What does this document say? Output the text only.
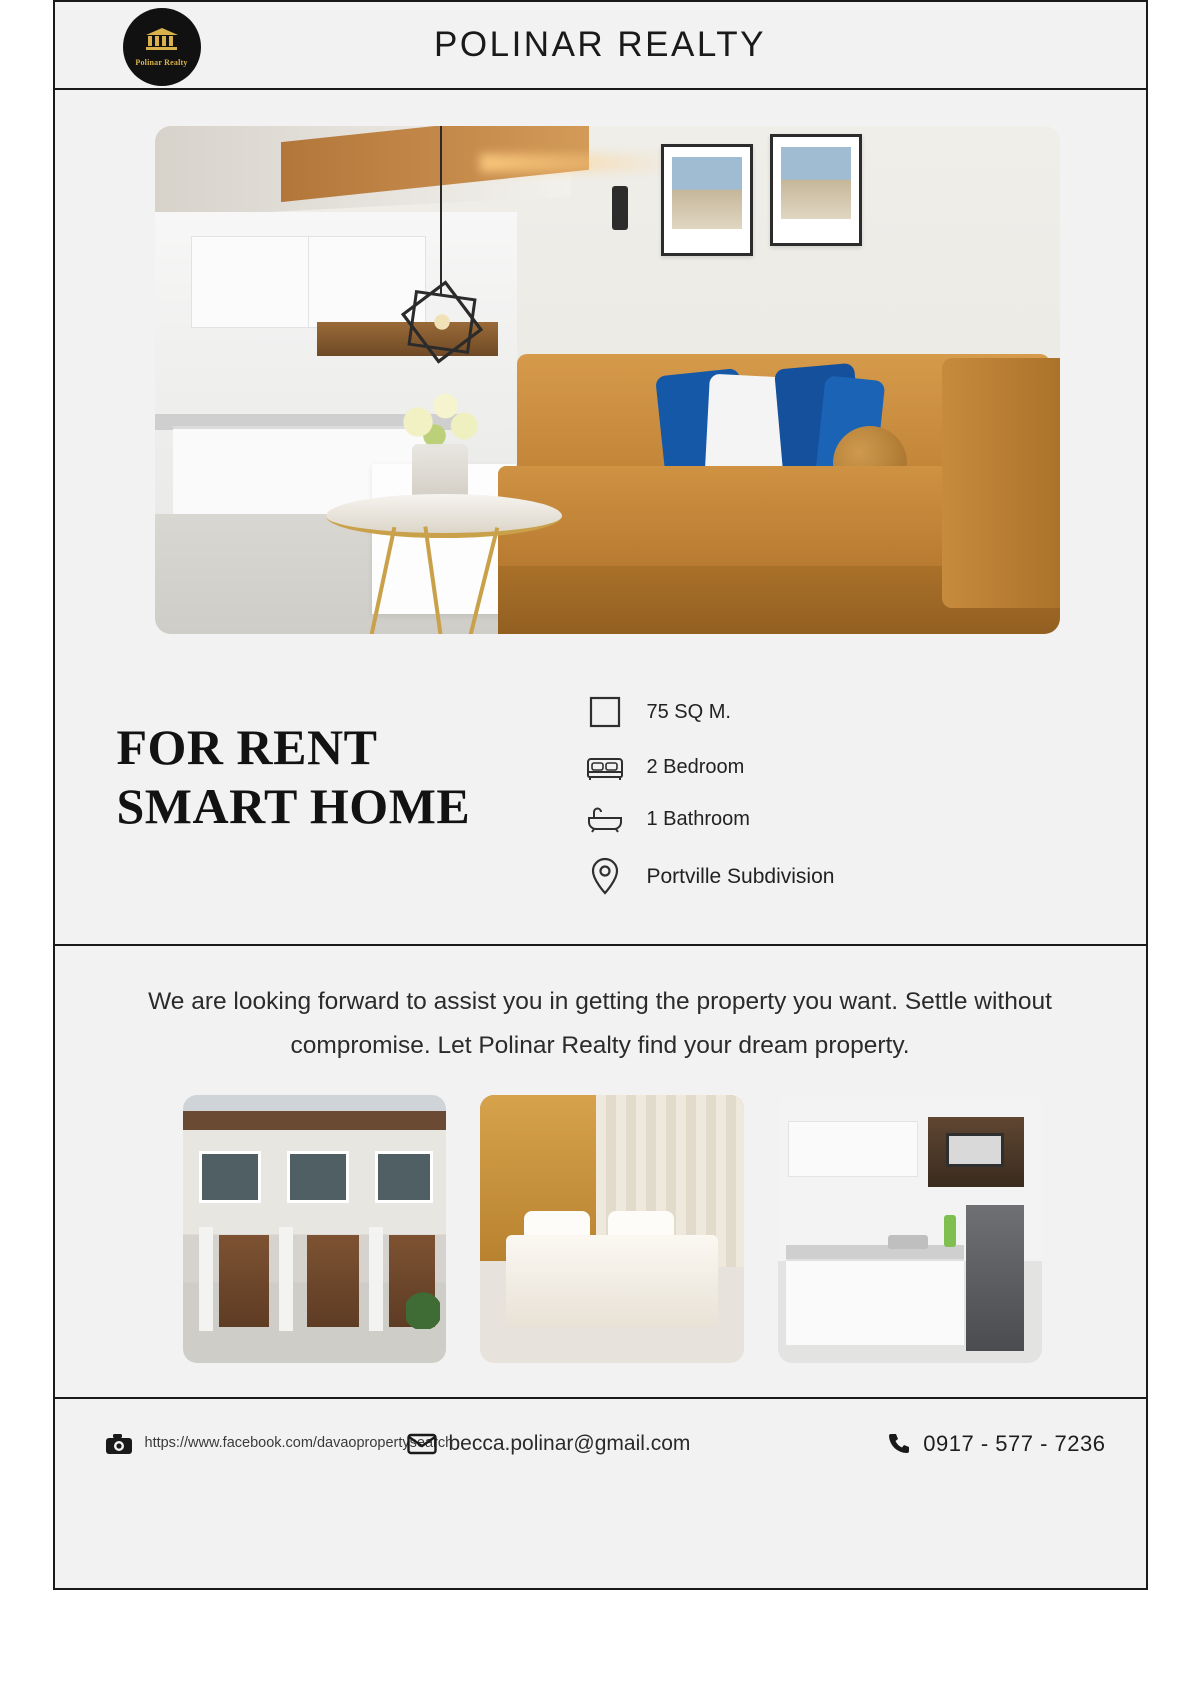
Polinar Realty	POLINAR REALTY
FOR RENT
SMART HOME
75 SQ M.
2 Bedroom
1 Bathroom
Portville Subdivision
We are looking forward to assist you in getting the property you want. Settle without compromise. Let Polinar Realty find your dream property.
https://www.facebook.com/davaopropertysearch
becca.polinar@gmail.com	0917 - 577 - 7236
